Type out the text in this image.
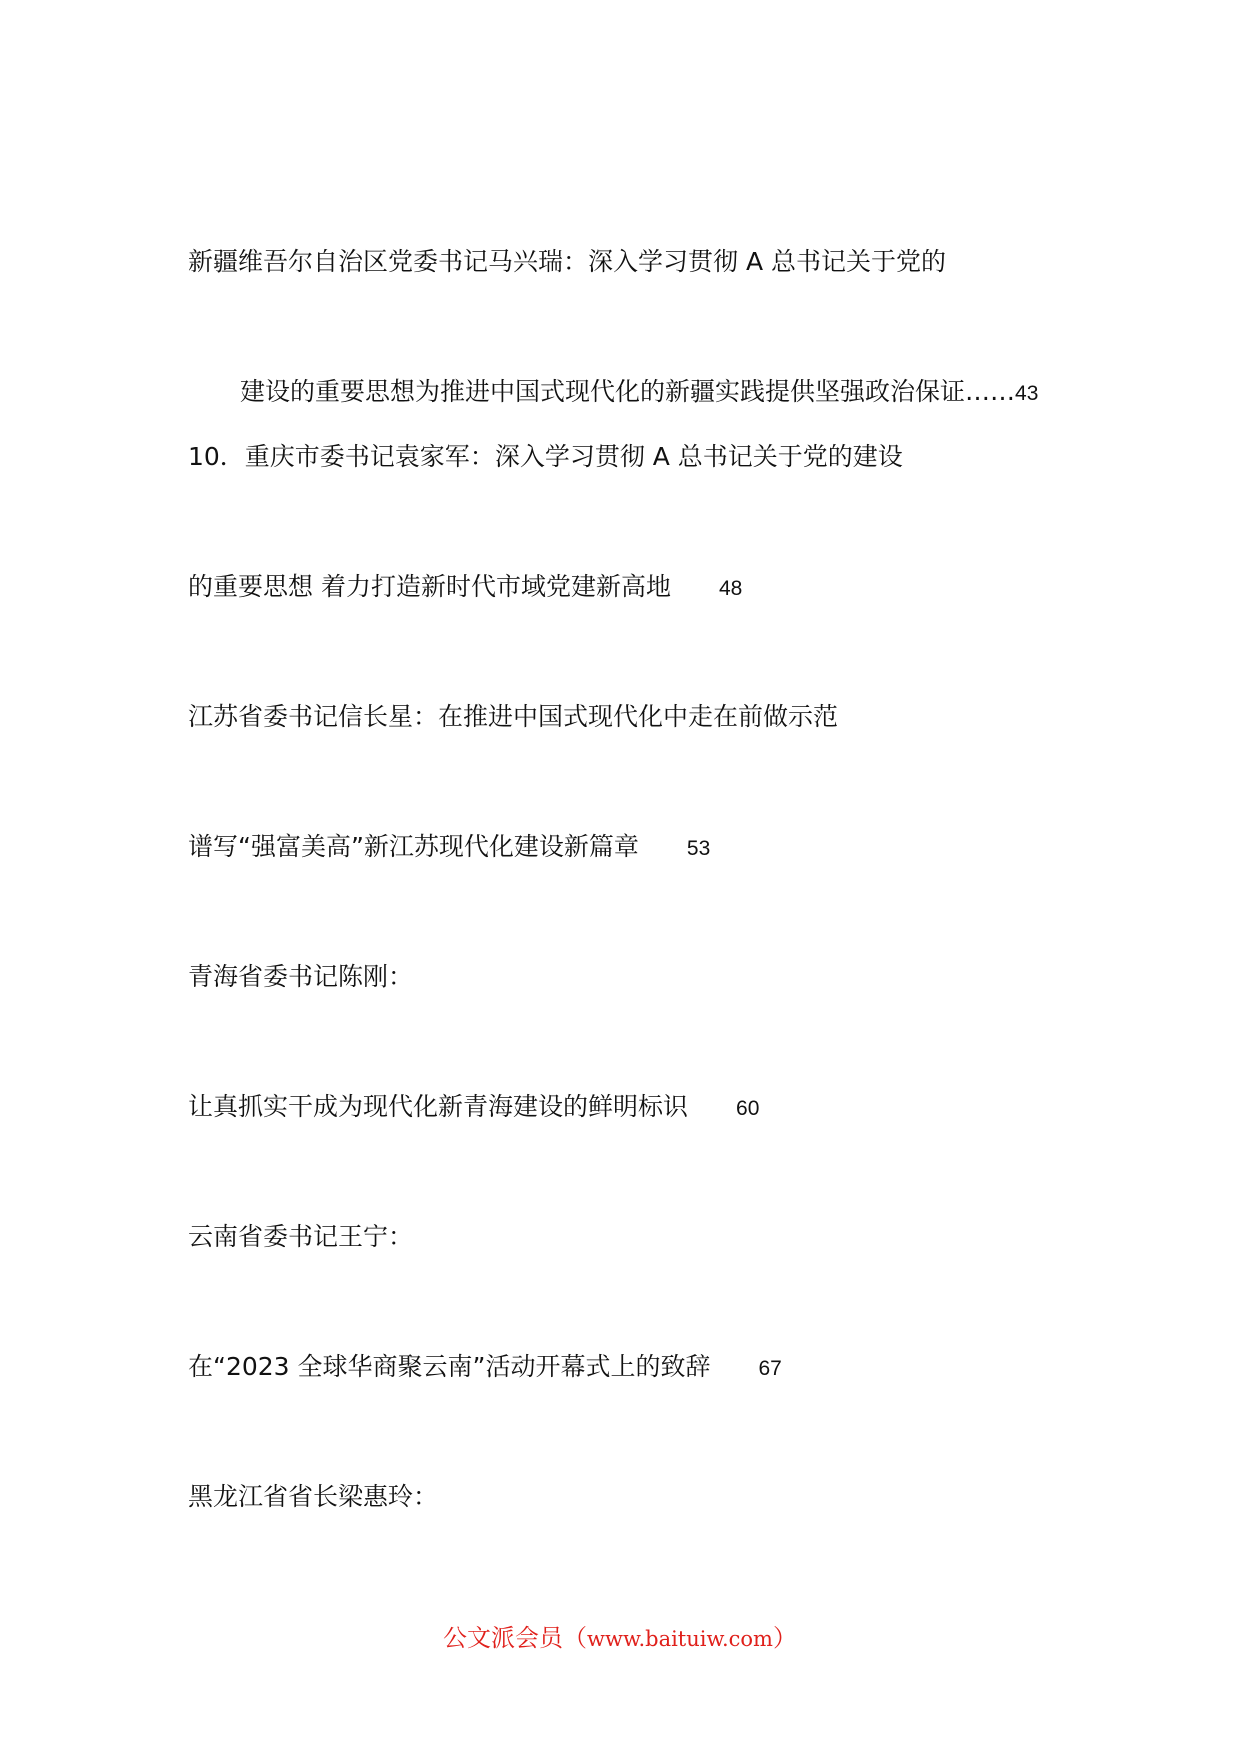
新疆维吾尔自治区党委书记马兴瑞：深入学习贯彻 A 总书记关于党的
建设的重要思想为推进中国式现代化的新疆实践提供坚强政治保证……43
10．重庆市委书记袁家军：深入学习贯彻 A 总书记关于党的建设
的重要思想 着力打造新时代市域党建新高地 48
江苏省委书记信长星：在推进中国式现代化中走在前做示范
谱写“强富美高”新江苏现代化建设新篇章 53
青海省委书记陈刚：
让真抓实干成为现代化新青海建设的鲜明标识 60
云南省委书记王宁：
在“2023 全球华商聚云南”活动开幕式上的致辞 67
黑龙江省省长梁惠玲：
公文派会员（www.baituiw.com）
